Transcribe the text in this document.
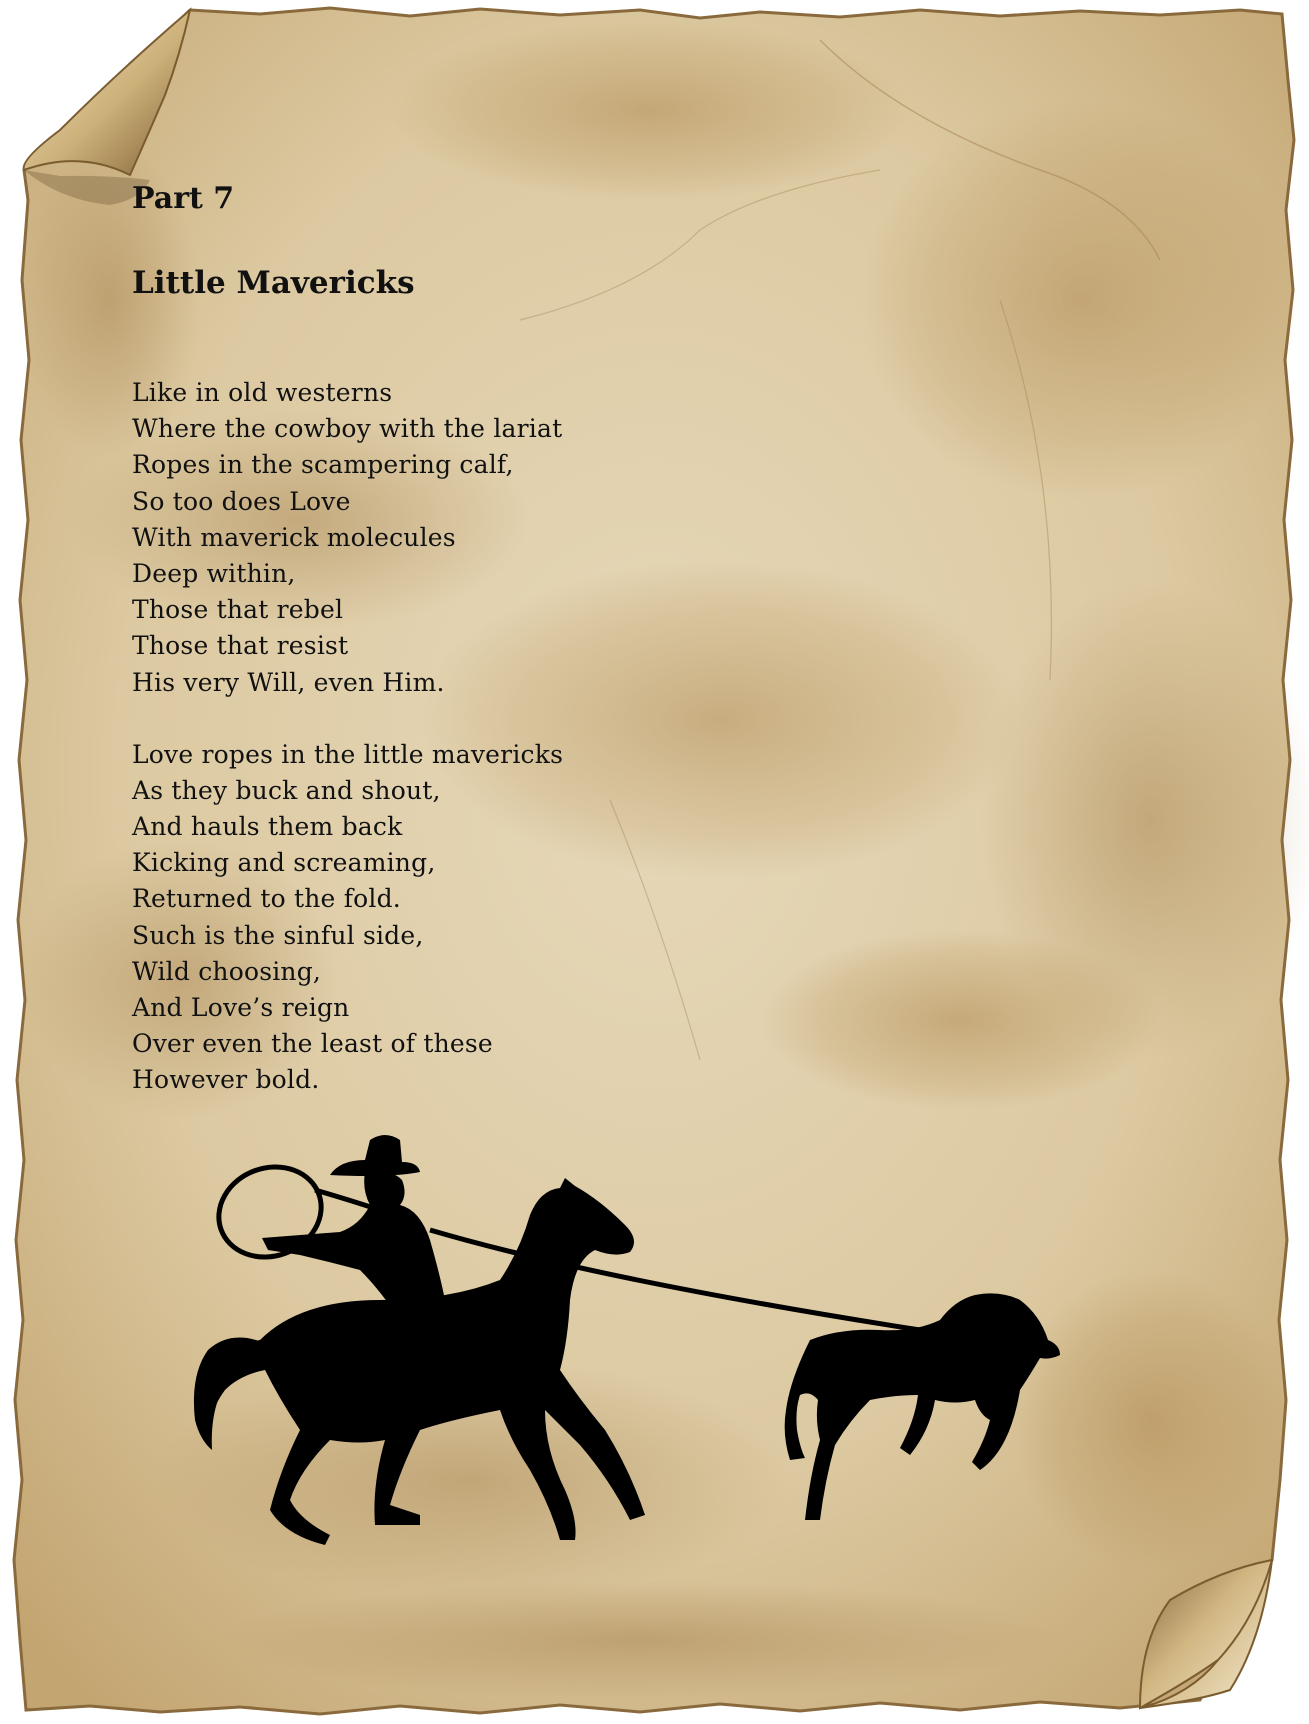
Part 7
Little Mavericks
Like in old westerns
Where the cowboy with the lariat
Ropes in the scampering calf,
So too does Love
With maverick molecules
Deep within,
Those that rebel
Those that resist
His very Will, even Him.
Love ropes in the little mavericks
As they buck and shout,
And hauls them back
Kicking and screaming,
Returned to the fold.
Such is the sinful side,
Wild choosing,
And Love’s reign
Over even the least of these
However bold.
